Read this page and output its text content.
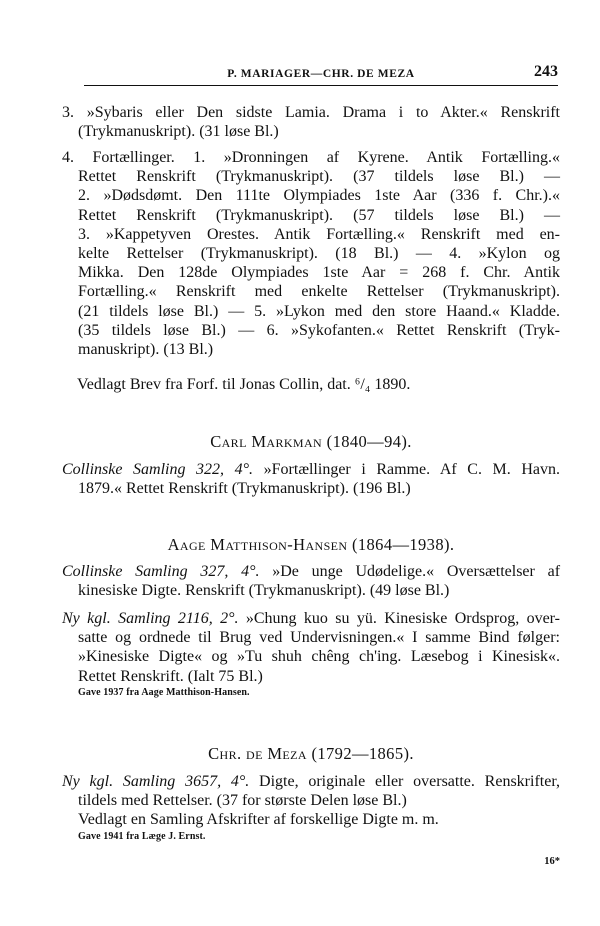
P. MARIAGER—CHR. DE MEZA	243
3. »Sybaris eller Den sidste Lamia. Drama i to Akter.« Renskrift
(Trykmanuskript). (31 løse Bl.)
4. Fortællinger. 1. »Dronningen af Kyrene. Antik Fortælling.«
Rettet Renskrift (Trykmanuskript). (37 tildels løse Bl.) —
2. »Dødsdømt. Den 111te Olympiades 1ste Aar (336 f. Chr.).«
Rettet Renskrift (Trykmanuskript). (57 tildels løse Bl.) —
3. »Kappetyven Orestes. Antik Fortælling.« Renskrift med en-
kelte Rettelser (Trykmanuskript). (18 Bl.) — 4. »Kylon og
Mikka. Den 128de Olympiades 1ste Aar = 268 f. Chr. Antik
Fortælling.« Renskrift med enkelte Rettelser (Trykmanuskript).
(21 tildels løse Bl.) — 5. »Lykon med den store Haand.« Kladde.
(35 tildels løse Bl.) — 6. »Sykofanten.« Rettet Renskrift (Tryk-
manuskript). (13 Bl.)
Vedlagt Brev fra Forf. til Jonas Collin, dat. ⁶/₄ 1890.
Carl Markman (1840—94).
Collinske Samling 322, 4°. »Fortællinger i Ramme. Af C. M. Havn.
1879.« Rettet Renskrift (Trykmanuskript). (196 Bl.)
Aage Matthison-Hansen (1864—1938).
Collinske Samling 327, 4°. »De unge Udødelige.« Oversættelser af
kinesiske Digte. Renskrift (Trykmanuskript). (49 løse Bl.)
Ny kgl. Samling 2116, 2°. »Chung kuo su yü. Kinesiske Ordsprog, over-
satte og ordnede til Brug ved Undervisningen.« I samme Bind følger:
»Kinesiske Digte« og »Tu shuh chêng ch'ing. Læsebog i Kinesisk«.
Rettet Renskrift. (Ialt 75 Bl.)
Gave 1937 fra Aage Matthison-Hansen.
Chr. de Meza (1792—1865).
Ny kgl. Samling 3657, 4°. Digte, originale eller oversatte. Renskrifter,
tildels med Rettelser. (37 for største Delen løse Bl.)
Vedlagt en Samling Afskrifter af forskellige Digte m. m.
Gave 1941 fra Læge J. Ernst.
16*
